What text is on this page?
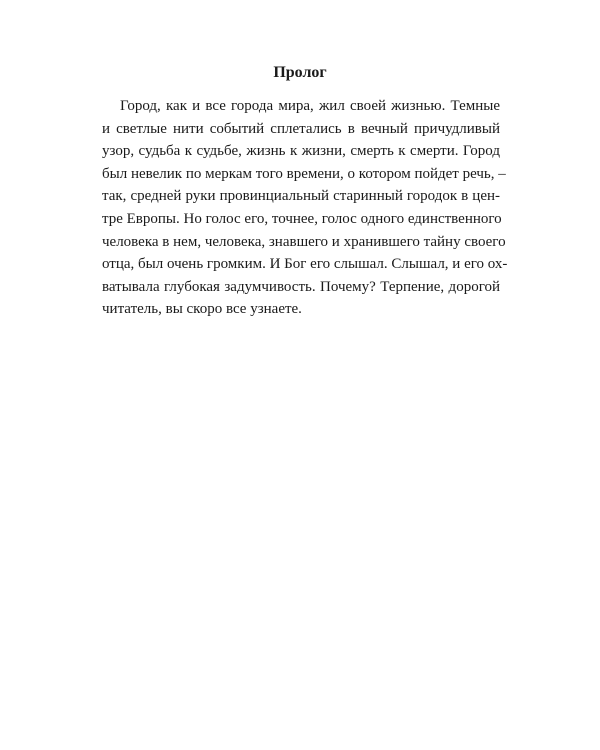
Пролог
Город, как и все города мира, жил своей жизнью. Темные
и светлые нити событий сплетались в вечный причудливый
узор, судьба к судьбе, жизнь к жизни, смерть к смерти. Город
был невелик по меркам того времени, о котором пойдет речь, –
так, средней руки провинциальный старинный городок в цен-
тре Европы. Но голос его, точнее, голос одного единственного
человека в нем, человека, знавшего и хранившего тайну своего
отца, был очень громким. И Бог его слышал. Слышал, и его ох-
ватывала глубокая задумчивость. Почему? Терпение, дорогой
читатель, вы скоро все узнаете.
